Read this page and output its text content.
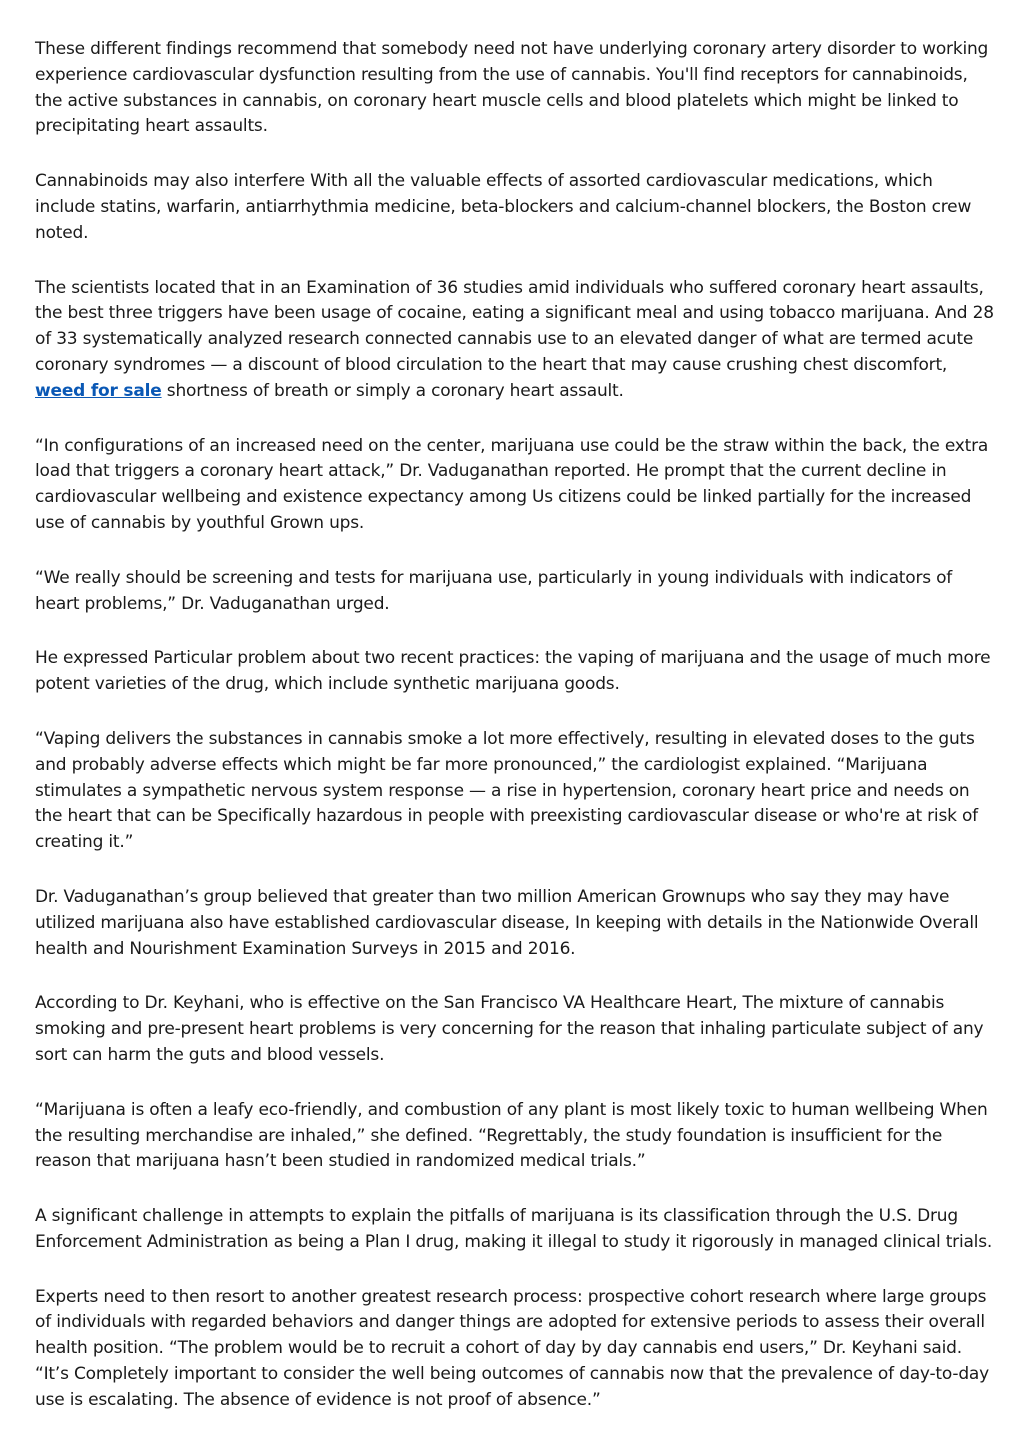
These different findings recommend that somebody need not have underlying coronary artery disorder to working experience cardiovascular dysfunction resulting from the use of cannabis. You'll find receptors for cannabinoids, the active substances in cannabis, on coronary heart muscle cells and blood platelets which might be linked to precipitating heart assaults.

Cannabinoids may also interfere With all the valuable effects of assorted cardiovascular medications, which include statins, warfarin, antiarrhythmia medicine, beta-blockers and calcium-channel blockers, the Boston crew noted.

The scientists located that in an Examination of 36 studies amid individuals who suffered coronary heart assaults, the best three triggers have been usage of cocaine, eating a significant meal and using tobacco marijuana. And 28 of 33 systematically analyzed research connected cannabis use to an elevated danger of what are termed acute coronary syndromes — a discount of blood circulation to the heart that may cause crushing chest discomfort, weed for sale shortness of breath or simply a coronary heart assault.

“In configurations of an increased need on the center, marijuana use could be the straw within the back, the extra load that triggers a coronary heart attack,” Dr. Vaduganathan reported. He prompt that the current decline in cardiovascular wellbeing and existence expectancy among Us citizens could be linked partially for the increased use of cannabis by youthful Grown ups.

“We really should be screening and tests for marijuana use, particularly in young individuals with indicators of heart problems,” Dr. Vaduganathan urged.

He expressed Particular problem about two recent practices: the vaping of marijuana and the usage of much more potent varieties of the drug, which include synthetic marijuana goods.

“Vaping delivers the substances in cannabis smoke a lot more effectively, resulting in elevated doses to the guts and probably adverse effects which might be far more pronounced,” the cardiologist explained. “Marijuana stimulates a sympathetic nervous system response — a rise in hypertension, coronary heart price and needs on the heart that can be Specifically hazardous in people with preexisting cardiovascular disease or who're at risk of creating it.”

Dr. Vaduganathan’s group believed that greater than two million American Grownups who say they may have utilized marijuana also have established cardiovascular disease, In keeping with details in the Nationwide Overall health and Nourishment Examination Surveys in 2015 and 2016.

According to Dr. Keyhani, who is effective on the San Francisco VA Healthcare Heart, The mixture of cannabis smoking and pre-present heart problems is very concerning for the reason that inhaling particulate subject of any sort can harm the guts and blood vessels.

“Marijuana is often a leafy eco-friendly, and combustion of any plant is most likely toxic to human wellbeing When the resulting merchandise are inhaled,” she defined. “Regrettably, the study foundation is insufficient for the reason that marijuana hasn’t been studied in randomized medical trials.”

A significant challenge in attempts to explain the pitfalls of marijuana is its classification through the U.S. Drug Enforcement Administration as being a Plan I drug, making it illegal to study it rigorously in managed clinical trials.

Experts need to then resort to another greatest research process: prospective cohort research where large groups of individuals with regarded behaviors and danger things are adopted for extensive periods to assess their overall health position. “The problem would be to recruit a cohort of day by day cannabis end users,” Dr. Keyhani said. “It’s Completely important to consider the well being outcomes of cannabis now that the prevalence of day-to-day use is escalating. The absence of evidence is not proof of absence.”
